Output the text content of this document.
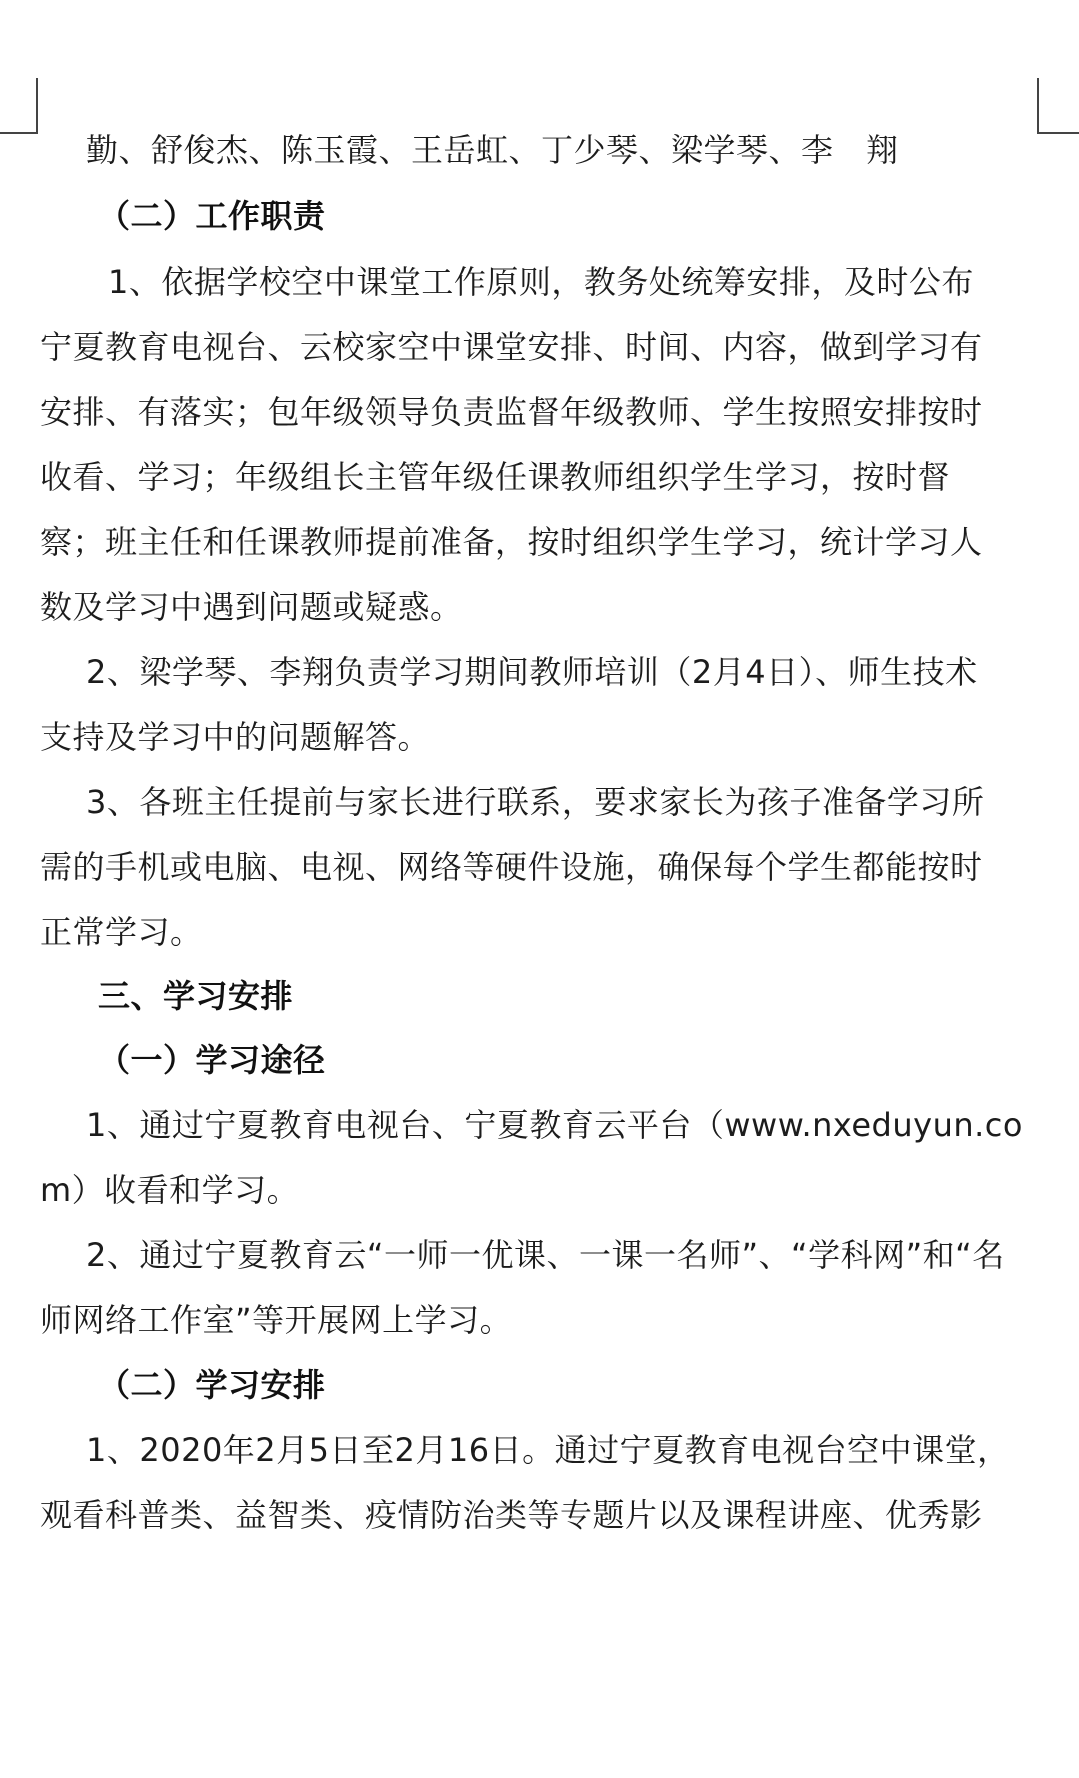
勤、舒俊杰、陈玉霞、王岳虹、丁少琴、梁学琴、李　翔
（二）工作职责
1、依据学校空中课堂工作原则，教务处统筹安排，及时公布
宁夏教育电视台、云校家空中课堂安排、时间、内容，做到学习有
安排、有落实；包年级领导负责监督年级教师、学生按照安排按时
收看、学习；年级组长主管年级任课教师组织学生学习，按时督
察；班主任和任课教师提前准备，按时组织学生学习，统计学习人
数及学习中遇到问题或疑惑。
2、梁学琴、李翔负责学习期间教师培训（2月4日）、师生技术
支持及学习中的问题解答。
3、各班主任提前与家长进行联系，要求家长为孩子准备学习所
需的手机或电脑、电视、网络等硬件设施，确保每个学生都能按时
正常学习。
三、学习安排
（一）学习途径
1、通过宁夏教育电视台、宁夏教育云平台（www.nxeduyun.co
m）收看和学习。
2、通过宁夏教育云“一师一优课、一课一名师”、“学科网”和“名
师网络工作室”等开展网上学习。
（二）学习安排
1、2020年2月5日至2月16日。通过宁夏教育电视台空中课堂，
观看科普类、益智类、疫情防治类等专题片以及课程讲座、优秀影
